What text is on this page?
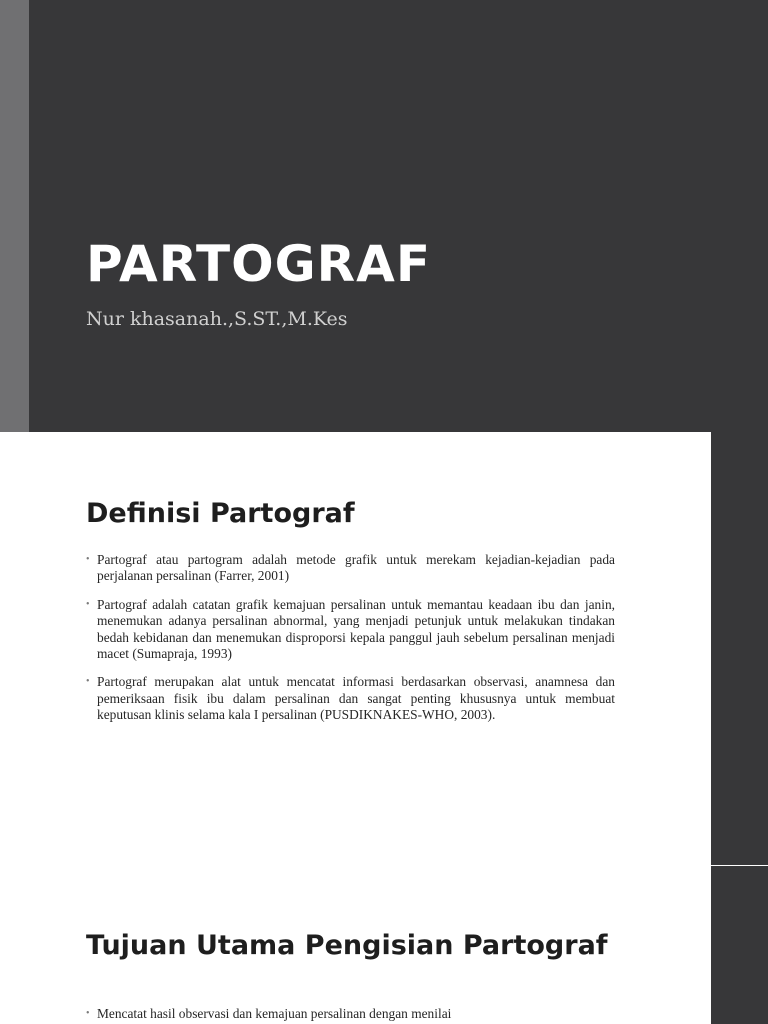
PARTOGRAF

Nur khasanah.,S.ST.,M.Kes

Definisi Partograf
• Partograf atau partogram adalah metode grafik untuk merekam kejadian-kejadian pada perjalanan persalinan (Farrer, 2001)
• Partograf adalah catatan grafik kemajuan persalinan untuk memantau keadaan ibu dan janin, menemukan adanya persalinan abnormal, yang menjadi petunjuk untuk melakukan tindakan bedah kebidanan dan menemukan disproporsi kepala panggul jauh sebelum persalinan menjadi macet (Sumapraja, 1993)
• Partograf merupakan alat untuk mencatat informasi berdasarkan observasi, anamnesa dan pemeriksaan fisik ibu dalam persalinan dan sangat penting khususnya untuk membuat keputusan klinis selama kala I persalinan (PUSDIKNAKES-WHO, 2003).
Tujuan Utama Pengisian Partograf
• Mencatat hasil observasi dan kemajuan persalinan dengan menilai
